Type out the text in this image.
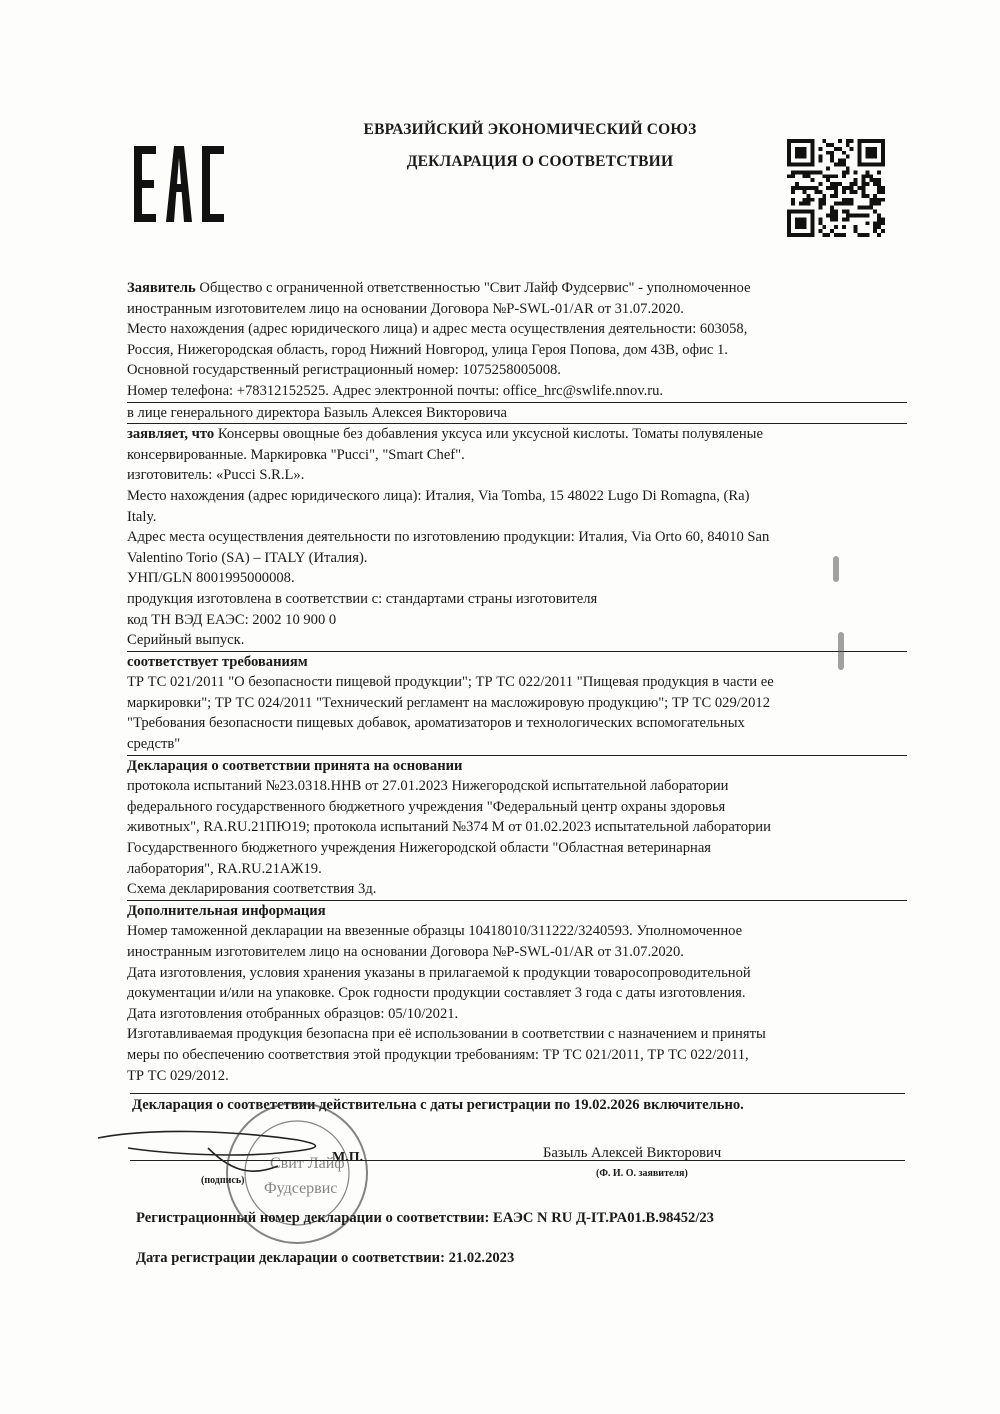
ЕВРАЗИЙСКИЙ ЭКОНОМИЧЕСКИЙ СОЮЗ
ДЕКЛАРАЦИЯ О СООТВЕТСТВИИ
Заявитель Общество с ограниченной ответственностью "Свит Лайф Фудсервис" - уполномоченное
иностранным изготовителем лицо на основании Договора №P-SWL-01/AR от 31.07.2020.
Место нахождения (адрес юридического лица) и адрес места осуществления деятельности: 603058,
Россия, Нижегородская область, город Нижний Новгород, улица Героя Попова, дом 43В, офис 1.
Основной государственный регистрационный номер: 1075258005008.
Номер телефона: +78312152525. Адрес электронной почты: office_hrc@swlife.nnov.ru.
в лице генерального директора Базыль Алексея Викторовича
заявляет, что Консервы овощные без добавления уксуса или уксусной кислоты. Томаты полувяленые
консервированные. Маркировка "Pucci", "Smart Chef".
изготовитель: «Pucci S.R.L».
Место нахождения (адрес юридического лица): Италия, Via Tomba, 15 48022 Lugo Di Romagna, (Ra)
Italy.
Адрес места осуществления деятельности по изготовлению продукции: Италия, Via Orto 60, 84010 San
Valentino Torio (SA) – ITALY (Италия).
УНП/GLN 8001995000008.
продукция изготовлена в соответствии с: стандартами страны изготовителя
код ТН ВЭД ЕАЭС: 2002 10 900 0
Серийный выпуск.
соответствует требованиям
ТР ТС 021/2011 "О безопасности пищевой продукции"; ТР ТС 022/2011 "Пищевая продукция в части ее
маркировки"; ТР ТС 024/2011 "Технический регламент на масложировую продукцию"; ТР ТС 029/2012
"Требования безопасности пищевых добавок, ароматизаторов и технологических вспомогательных
средств"
Декларация о соответствии принята на основании
протокола испытаний №23.0318.НHВ от 27.01.2023 Нижегородской испытательной лаборатории
федерального государственного бюджетного учреждения "Федеральный центр охраны здоровья
животных", RA.RU.21ПЮ19; протокола испытаний №374 М от 01.02.2023 испытательной лаборатории
Государственного бюджетного учреждения Нижегородской области "Областная ветеринарная
лаборатория", RA.RU.21АЖ19.
Схема декларирования соответствия 3д.
Дополнительная информация
Номер таможенной декларации на ввезенные образцы 10418010/311222/3240593. Уполномоченное
иностранным изготовителем лицо на основании Договора №P-SWL-01/AR от 31.07.2020.
Дата изготовления, условия хранения указаны в прилагаемой к продукции товаросопроводительной
документации и/или на упаковке. Срок годности продукции составляет 3 года с даты изготовления.
Дата изготовления отобранных образцов: 05/10/2021.
Изготавливаемая продукция безопасна при её использовании в соответствии с назначением и приняты
меры по обеспечению соответствия этой продукции требованиям: ТР ТС 021/2011, ТР ТС 022/2011,
ТР ТС 029/2012.
Декларация о соответствии действительна с даты регистрации по 19.02.2026 включительно.
Свит Лайф
Фудсервис
М.П.	Базыль Алексей Викторович
(подпись)
(Ф. И. О. заявителя)
Регистрационный номер декларации о соответствии: ЕАЭС N RU Д-IT.PA01.B.98452/23
Дата регистрации декларации о соответствии: 21.02.2023
